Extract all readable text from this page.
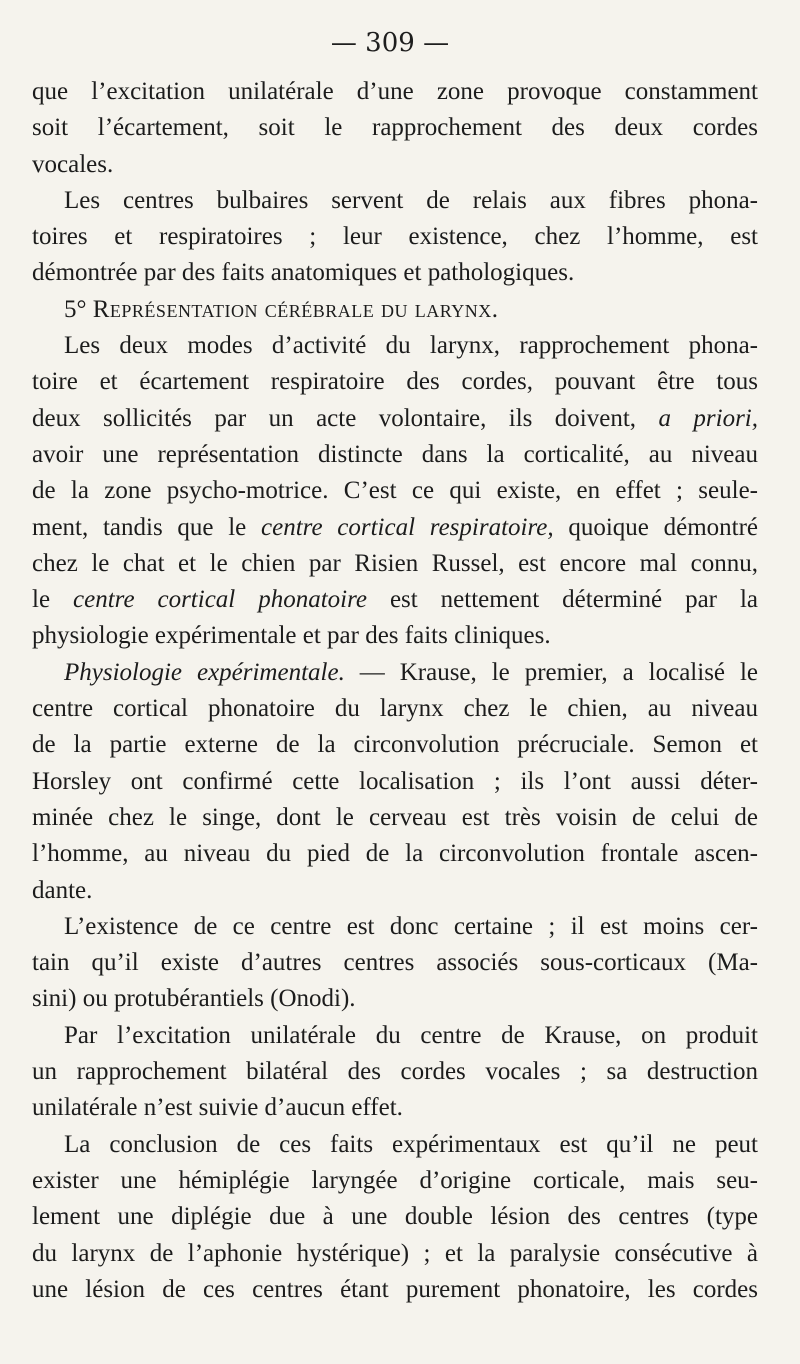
— 309 —
que l’excitation unilatérale d’une zone provoque constamment
soit l’écartement, soit le rapprochement des deux cordes
vocales.
Les centres bulbaires servent de relais aux fibres phona-
toires et respiratoires ; leur existence, chez l’homme, est
démontrée par des faits anatomiques et pathologiques.
5° Représentation cérébrale du larynx.
Les deux modes d’activité du larynx, rapprochement phona-
toire et écartement respiratoire des cordes, pouvant être tous
deux sollicités par un acte volontaire, ils doivent, a priori,
avoir une représentation distincte dans la corticalité, au niveau
de la zone psycho-motrice. C’est ce qui existe, en effet ; seule-
ment, tandis que le centre cortical respiratoire, quoique démontré
chez le chat et le chien par Risien Russel, est encore mal connu,
le centre cortical phonatoire est nettement déterminé par la
physiologie expérimentale et par des faits cliniques.
Physiologie expérimentale. — Krause, le premier, a localisé le
centre cortical phonatoire du larynx chez le chien, au niveau
de la partie externe de la circonvolution précruciale. Semon et
Horsley ont confirmé cette localisation ; ils l’ont aussi déter-
minée chez le singe, dont le cerveau est très voisin de celui de
l’homme, au niveau du pied de la circonvolution frontale ascen-
dante.
L’existence de ce centre est donc certaine ; il est moins cer-
tain qu’il existe d’autres centres associés sous-corticaux (Ma-
sini) ou protubérantiels (Onodi).
Par l’excitation unilatérale du centre de Krause, on produit
un rapprochement bilatéral des cordes vocales ; sa destruction
unilatérale n’est suivie d’aucun effet.
La conclusion de ces faits expérimentaux est qu’il ne peut
exister une hémiplégie laryngée d’origine corticale, mais seu-
lement une diplégie due à une double lésion des centres (type
du larynx de l’aphonie hystérique) ; et la paralysie consécutive à
une lésion de ces centres étant purement phonatoire, les cordes
